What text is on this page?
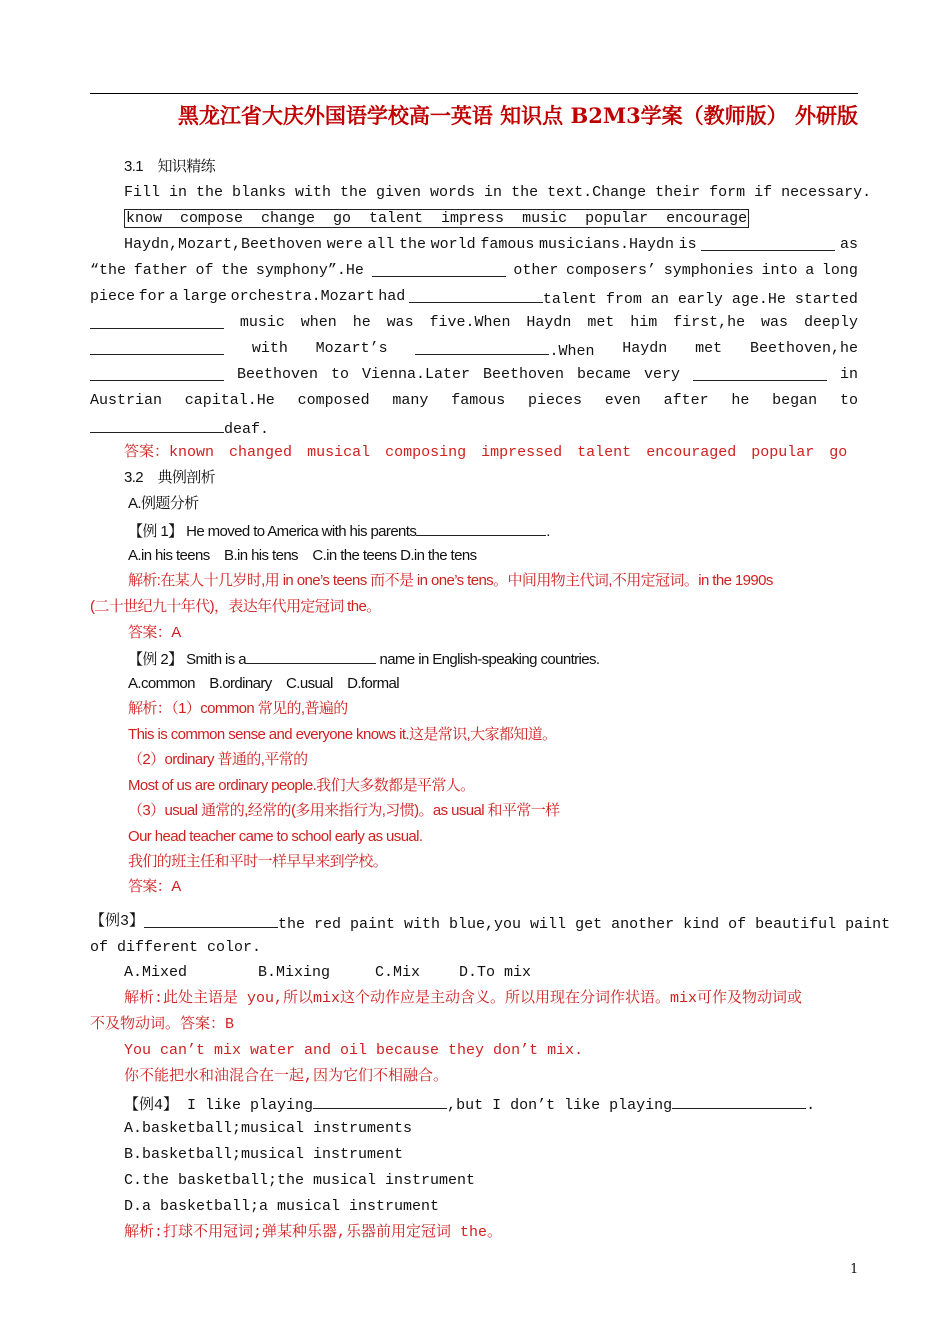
黑龙江省大庆外国语学校高一英语 知识点 B2M3学案（教师版） 外研版
3.1　知识精练
Fill in the blanks with the given words in the text.Change their form if necessary.
know  compose  change  go  talent  impress  music  popular  encourage
Haydn,Mozart,Beethoven were all the world famous musicians.Haydn is	as
“the father of the symphony”.He	other composers’ symphonies into a long
piece for a large orchestra.Mozart had	talent from an early age.He started
music when he was five.When Haydn met him first,he was deeply
with Mozart’s	.When Haydn met Beethoven,he
Beethoven to Vienna.Later Beethoven became very	in
Austrian capital.He composed many famous pieces even after he began to
deaf.
答案：known changed musical composing impressed talent encouraged popular go
3.2　典例剖析
A.例题分析
【例 1】 He moved to America with his parents	.
A.in his teens　B.in his tens　C.in the teens D.in the tens
解析:在某人十几岁时,用 in one’s teens 而不是 in one’s tens。中间用物主代词,不用定冠词。in the 1990s
(二十世纪九十年代)，表达年代用定冠词 the。
答案：A
【例 2】 Smith is a	name in English-speaking countries.
A.common　B.ordinary　C.usual　D.formal
解析：（1）common 常见的,普遍的
This is common sense and everyone knows it.这是常识,大家都知道。
（2）ordinary 普通的,平常的
Most of us are ordinary people.我们大多数都是平常人。
（3）usual 通常的,经常的(多用来指行为,习惯)。as usual 和平常一样
Our head teacher came to school early as usual.
我们的班主任和平时一样早早来到学校。
答案：A
【例3】	the red paint with blue,you will get another kind of beautiful paint
of different color.
A.Mixed	B.Mixing	C.Mix	D.To mix
解析:此处主语是 you,所以mix这个动作应是主动含义。所以用现在分词作状语。mix可作及物动词或
不及物动词。答案：B
You can’t mix water and oil because they don’t mix.
你不能把水和油混合在一起,因为它们不相融合。
【例4】 I like playing	,but I don’t like playing	.
A.basketball;musical instruments
B.basketball;musical instrument
C.the basketball;the musical instrument
D.a basketball;a musical instrument
解析:打球不用冠词;弹某种乐器,乐器前用定冠词 the。
1
